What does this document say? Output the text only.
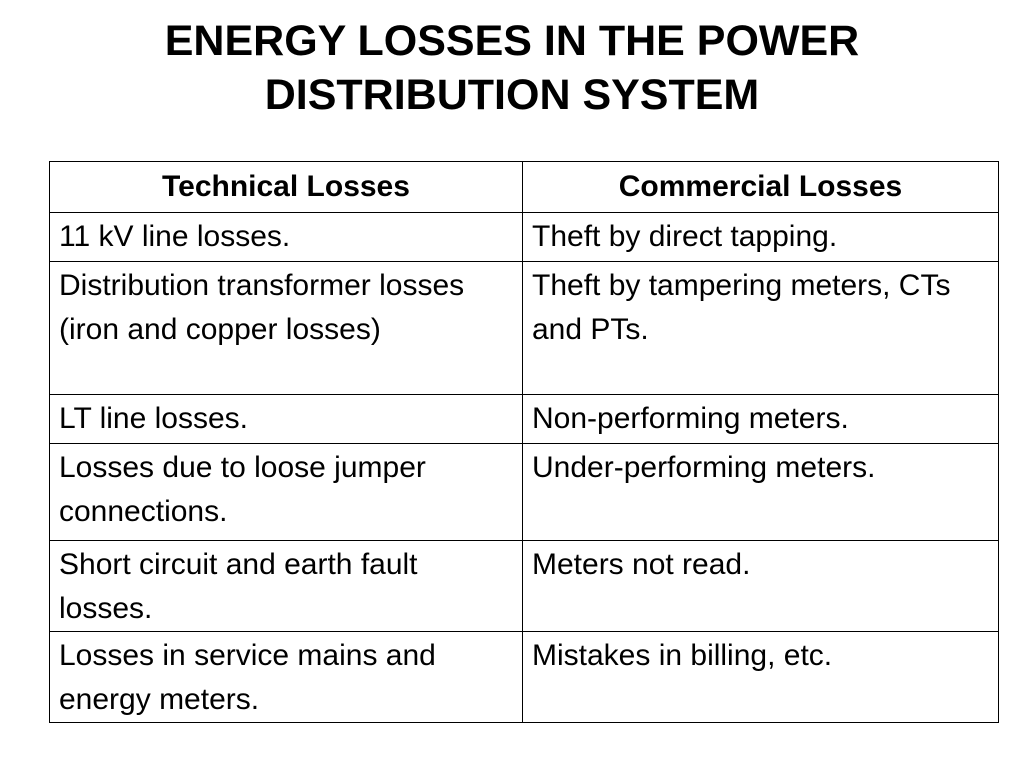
ENERGY LOSSES IN THE POWER
DISTRIBUTION SYSTEM
Technical Losses	Commercial Losses
11 kV line losses.	Theft by direct tapping.
Distribution transformer losses (iron and copper losses)	Theft by tampering meters, CTs and PTs.
LT line losses.	Non-performing meters.
Losses due to loose jumper connections.	Under-performing meters.
Short circuit and earth fault losses.	Meters not read.
Losses in service mains and energy meters.	Mistakes in billing, etc.
